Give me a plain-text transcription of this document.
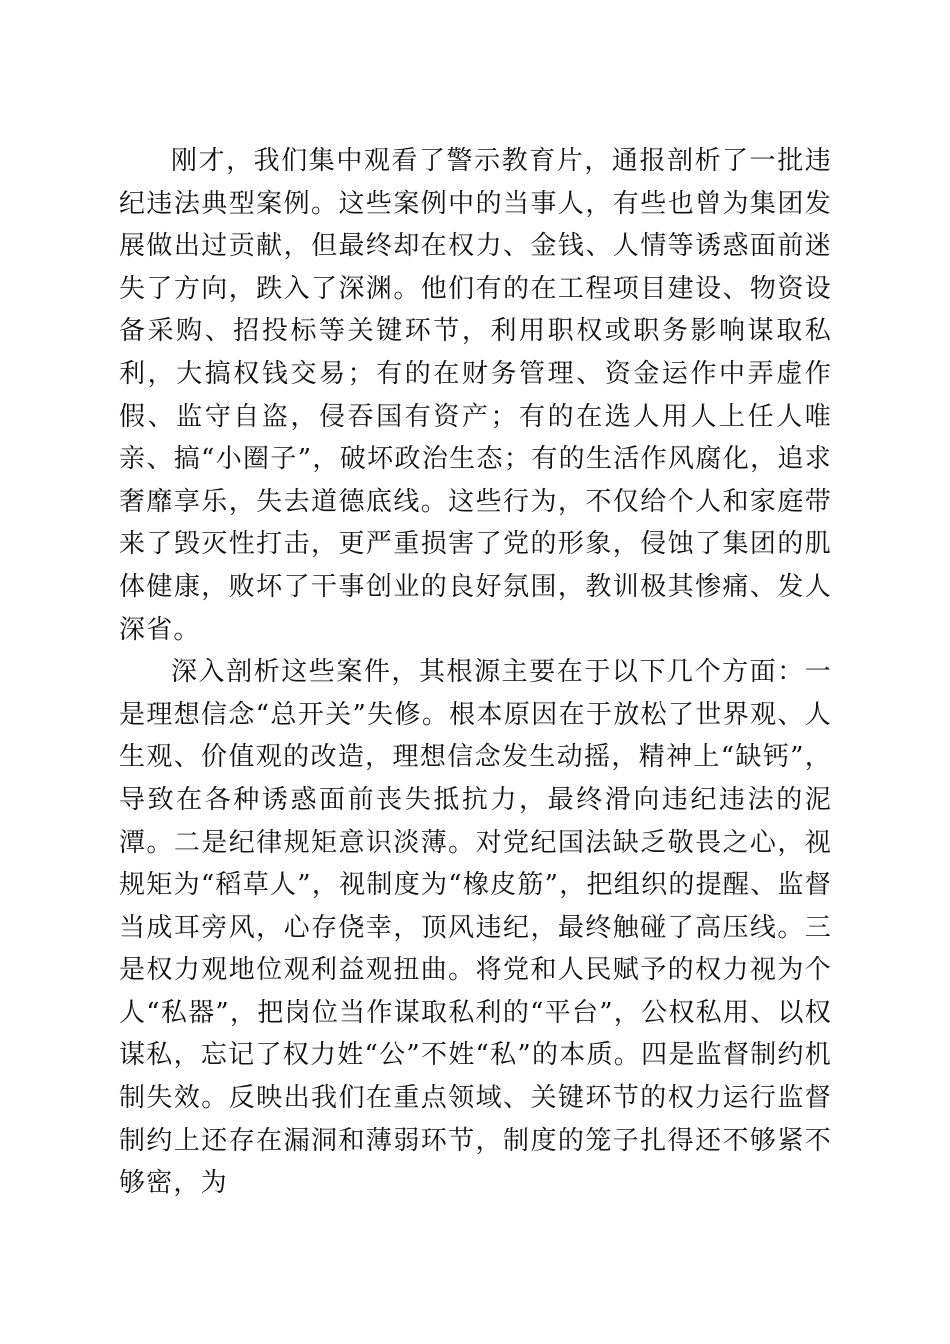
刚才，我们集中观看了警示教育片，通报剖析了一批违纪违法典型案例。这些案例中的当事人，有些也曾为集团发展做出过贡献，但最终却在权力、金钱、人情等诱惑面前迷失了方向，跌入了深渊。他们有的在工程项目建设、物资设备采购、招投标等关键环节，利用职权或职务影响谋取私利，大搞权钱交易；有的在财务管理、资金运作中弄虚作假、监守自盗，侵吞国有资产；有的在选人用人上任人唯亲、搞“小圈子”，破坏政治生态；有的生活作风腐化，追求奢靡享乐，失去道德底线。这些行为，不仅给个人和家庭带来了毁灭性打击，更严重损害了党的形象，侵蚀了集团的肌体健康，败坏了干事创业的良好氛围，教训极其惨痛、发人深省。

深入剖析这些案件，其根源主要在于以下几个方面：一是理想信念“总开关”失修。根本原因在于放松了世界观、人生观、价值观的改造，理想信念发生动摇，精神上“缺钙”，导致在各种诱惑面前丧失抵抗力，最终滑向违纪违法的泥潭。二是纪律规矩意识淡薄。对党纪国法缺乏敬畏之心，视规矩为“稻草人”，视制度为“橡皮筋”，把组织的提醒、监督当成耳旁风，心存侥幸，顶风违纪，最终触碰了高压线。三是权力观地位观利益观扭曲。将党和人民赋予的权力视为个人“私器”，把岗位当作谋取私利的“平台”，公权私用、以权谋私，忘记了权力姓“公”不姓“私”的本质。四是监督制约机制失效。反映出我们在重点领域、关键环节的权力运行监督制约上还存在漏洞和薄弱环节，制度的笼子扎得还不够紧不够密，为
